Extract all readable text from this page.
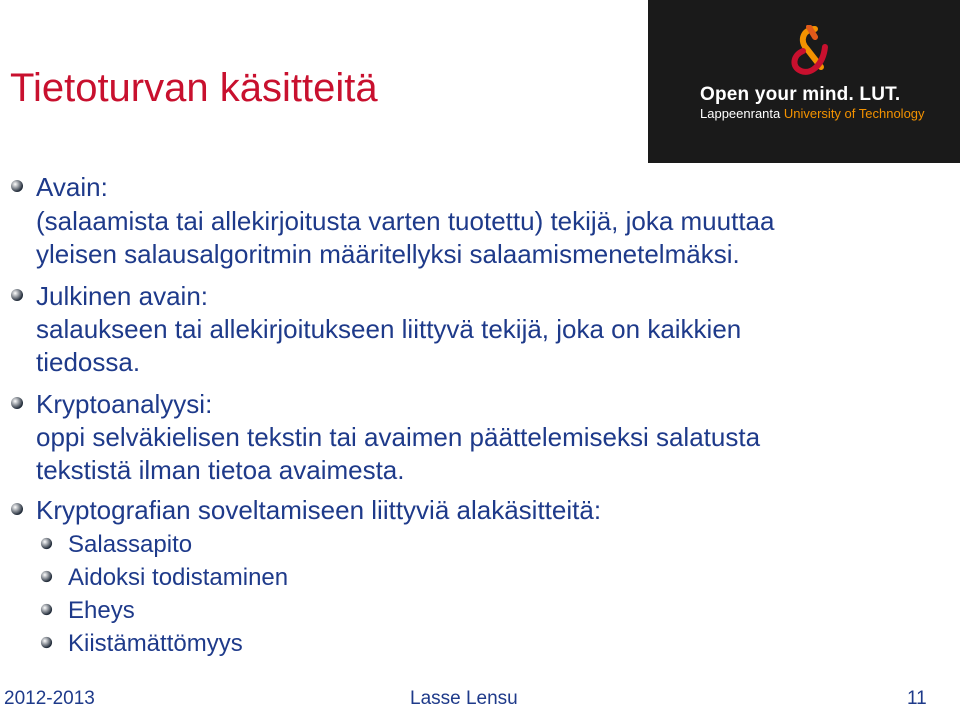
Tietoturvan käsitteitä	Open your mind. LUT.
Lappeenranta University of Technology
Avain:
(salaamista tai allekirjoitusta varten tuotettu) tekijä, joka muuttaa
yleisen salausalgoritmin määritellyksi salaamismenetelmäksi.
Julkinen avain:
salaukseen tai allekirjoitukseen liittyvä tekijä, joka on kaikkien
tiedossa.
Kryptoanalyysi:
oppi selväkielisen tekstin tai avaimen päättelemiseksi salatusta
tekstistä ilman tietoa avaimesta.
Kryptografian soveltamiseen liittyviä alakäsitteitä:
Salassapito
Aidoksi todistaminen
Eheys
Kiistämättömyys
2012-2013	Lasse Lensu	11
